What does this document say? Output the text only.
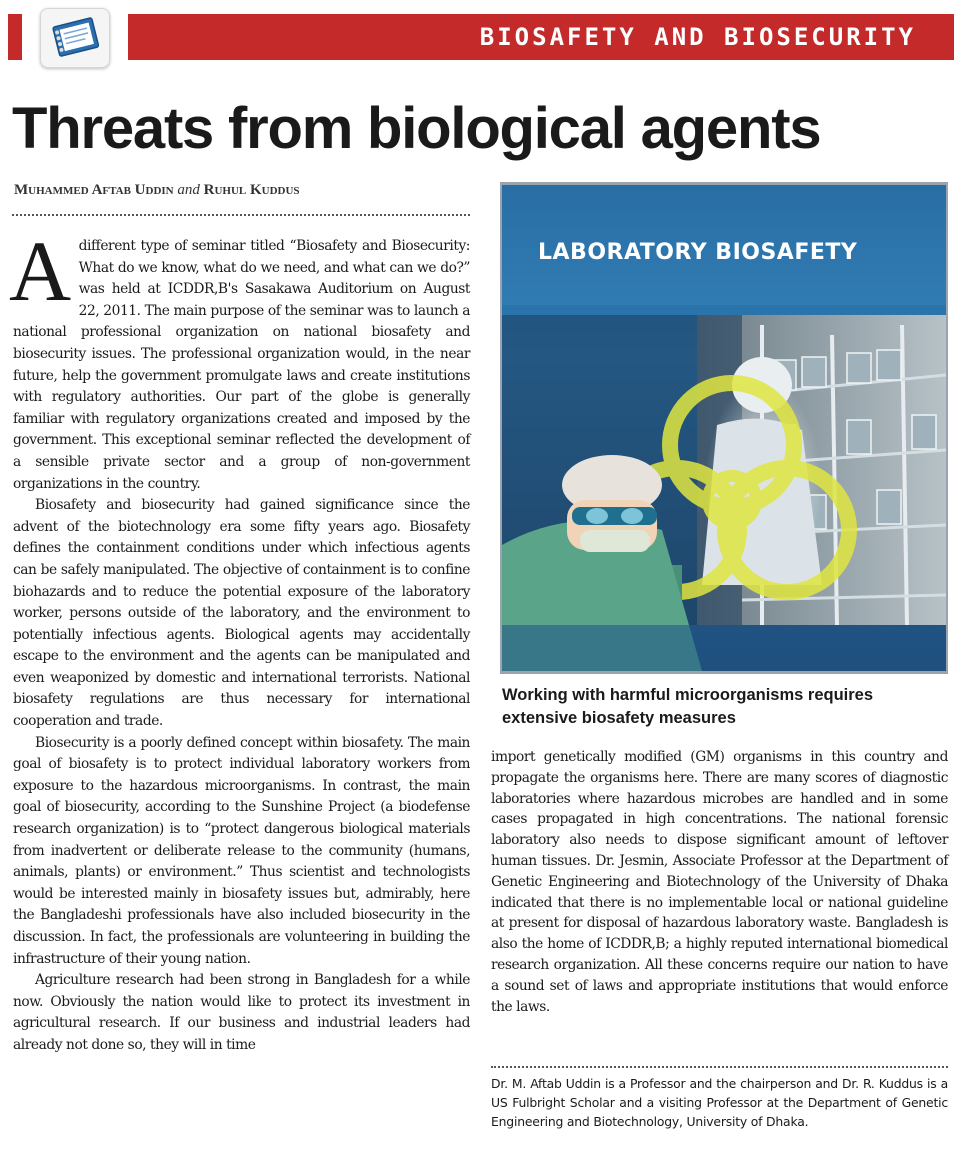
BIOSAFETY AND BIOSECURITY
Threats from biological agents
Muhammed Aftab Uddin and Ruhul Kuddus

Adifferent type of seminar titled “Biosafety and Biosecurity: What do we know, what do we need, and what can we do?” was held at ICDDR,B's Sasakawa Auditorium on August 22, 2011. The main purpose of the seminar was to launch a national professional organization on national biosafety and biosecurity issues. The professional organization would, in the near future, help the government promulgate laws and create institutions with regulatory authorities. Our part of the globe is generally familiar with regulatory organizations created and imposed by the government. This exceptional seminar reflected the development of a sensible private sector and a group of non-government organizations in the country.

Biosafety and biosecurity had gained significance since the advent of the biotechnology era some fifty years ago. Biosafety defines the containment conditions under which infectious agents can be safely manipulated. The objective of containment is to confine biohazards and to reduce the potential exposure of the laboratory worker, persons outside of the laboratory, and the environment to potentially infectious agents. Biological agents may accidentally escape to the environment and the agents can be manipulated and even weaponized by domestic and international terrorists. National biosafety regulations are thus necessary for international cooperation and trade.

Biosecurity is a poorly defined concept within biosafety. The main goal of biosafety is to protect individual laboratory workers from exposure to the hazardous microorganisms. In contrast, the main goal of biosecurity, according to the Sunshine Project (a biodefense research organization) is to “protect dangerous biological materials from inadvertent or deliberate release to the community (humans, animals, plants) or environment.” Thus scientist and technologists would be interested mainly in biosafety issues but, admirably, here the Bangladeshi professionals have also included biosecurity in the discussion. In fact, the professionals are volunteering in building the infrastructure of their young nation.

Agriculture research had been strong in Bangladesh for a while now. Obviously the nation would like to protect its investment in agricultural research. If our business and industrial leaders had already not done so, they will in time

LABORATORY BIOSAFETY
Working with harmful microorganisms requires extensive biosafety measures
import genetically modified (GM) organisms in this country and propagate the organisms here. There are many scores of diagnostic laboratories where hazardous microbes are handled and in some cases propagated in high concentrations. The national forensic laboratory also needs to dispose significant amount of leftover human tissues. Dr. Jesmin, Associate Professor at the Department of Genetic Engineering and Biotechnology of the University of Dhaka indicated that there is no implementable local or national guideline at present for disposal of hazardous laboratory waste. Bangladesh is also the home of ICDDR,B; a highly reputed international biomedical research organization. All these concerns require our nation to have a sound set of laws and appropriate institutions that would enforce the laws.
Dr. M. Aftab Uddin is a Professor and the chairperson and Dr. R. Kuddus is a US Fulbright Scholar and a visiting Professor at the Department of Genetic Engineering and Biotechnology, University of Dhaka.
